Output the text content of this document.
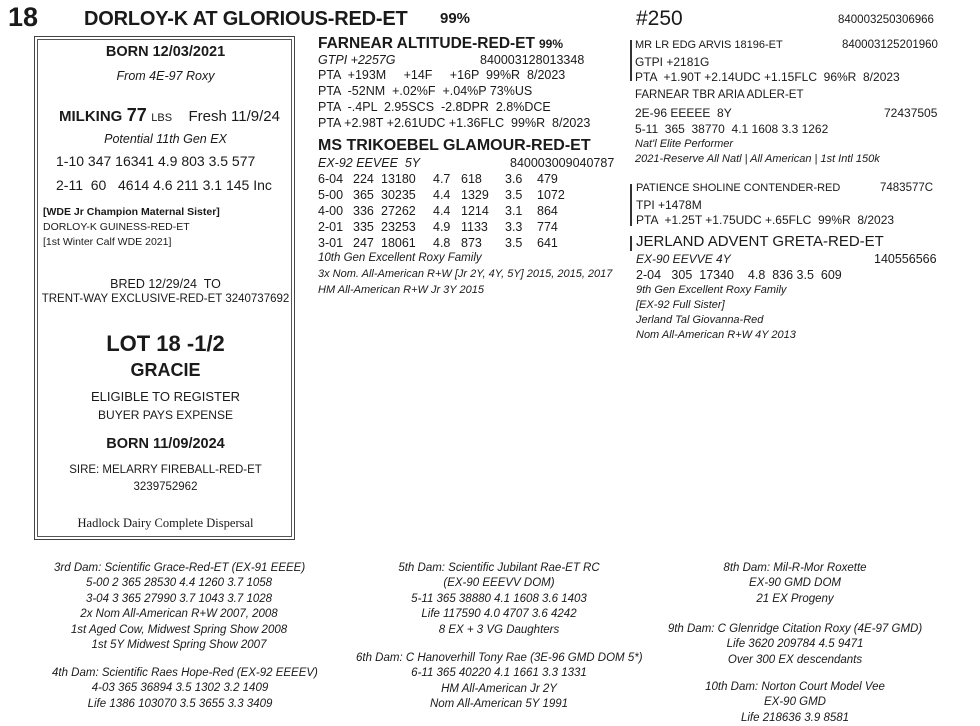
18 DORLOY-K AT GLORIOUS-RED-ET 99%	#250	840003250306966
BORN 12/03/2021
From 4E-97 Roxy
MILKING 77 LBS Fresh 11/9/24
Potential 11th Gen EX
1-10 347 16341 4.9 803 3.5 577
2-11  60   4614 4.6 211 3.1 145 Inc
[WDE Jr Champion Maternal Sister]
DORLOY-K GUINESS-RED-ET
[1st Winter Calf WDE 2021]
BRED 12/29/24  TO
TRENT-WAY EXCLUSIVE-RED-ET 3240737692
LOT 18 -1/2
GRACIE
ELIGIBLE TO REGISTER
BUYER PAYS EXPENSE
BORN 11/09/2024
SIRE: MELARRY FIREBALL-RED-ET
3239752962
Hadlock Dairy Complete Dispersal
FARNEAR ALTITUDE-RED-ET 99%
GTPI +2257G	840003128013348
PTA  +193M     +14F     +16P  99%R  8/2023
PTA  -52NM  +.02%F  +.04%P 73%US
PTA  -.4PL  2.95SCS  -2.8DPR  2.8%DCE
PTA +2.98T +2.61UDC +1.36FLC  99%R  8/2023
MS TRIKOEBEL GLAMOUR-RED-ET
EX-92 EEVEE  5Y	840003009040787
6-04 224 13180 4.7 618 3.6 479
5-00 365 30235 4.4 1329 3.5 1072
4-00 336 27262 4.4 1214 3.1 864
2-01 335 23253 4.9 1133 3.3 774
3-01 247 18061 4.8 873 3.5 641
10th Gen Excellent Roxy Family
3x Nom. All-American R+W [Jr 2Y, 4Y, 5Y] 2015, 2015, 2017
HM All-American R+W Jr 3Y 2015
MR LR EDG ARVIS 18196-ET	840003125201960
GTPI +2181G
PTA  +1.90T +2.14UDC +1.15FLC  96%R  8/2023
FARNEAR TBR ARIA ADLER-ET
2E-96 EEEEE  8Y	72437505
5-11  365  38770  4.1 1608 3.3 1262
Nat'l Elite Performer
2021-Reserve All Natl | All American | 1st Intl 150k
PATIENCE SHOLINE CONTENDER-RED	7483577C
TPI +1478M
PTA  +1.25T +1.75UDC +.65FLC  99%R  8/2023
JERLAND ADVENT GRETA-RED-ET
EX-90 EEVVE 4Y	140556566
2-04   305  17340    4.8  836 3.5  609
9th Gen Excellent Roxy Family
[EX-92 Full Sister]
Jerland Tal Giovanna-Red
Nom All-American R+W 4Y 2013
3rd Dam: Scientific Grace-Red-ET (EX-91 EEEE)
5-00 2 365 28530 4.4 1260 3.7 1058
3-04 3 365 27990 3.7 1043 3.7 1028
2x Nom All-American R+W 2007, 2008
1st Aged Cow, Midwest Spring Show 2008
1st 5Y Midwest Spring Show 2007
4th Dam: Scientific Raes Hope-Red (EX-92 EEEEV)
4-03 365 36894 3.5 1302 3.2 1409
Life 1386 103070 3.5 3655 3.3 3409
5th Dam: Scientific Jubilant Rae-ET RC
(EX-90 EEEVV DOM)
5-11 365 38880 4.1 1608 3.6 1403
Life 117590 4.0 4707 3.6 4242
8 EX + 3 VG Daughters
6th Dam: C Hanoverhill Tony Rae (3E-96 GMD DOM 5*)
6-11 365 40220 4.1 1661 3.3 1331
HM All-American Jr 2Y
Nom All-American 5Y 1991
8th Dam: Mil-R-Mor Roxette
EX-90 GMD DOM
21 EX Progeny
9th Dam: C Glenridge Citation Roxy (4E-97 GMD)
Life 3620 209784 4.5 9471
Over 300 EX descendants
10th Dam: Norton Court Model Vee
EX-90 GMD
Life 218636 3.9 8581
